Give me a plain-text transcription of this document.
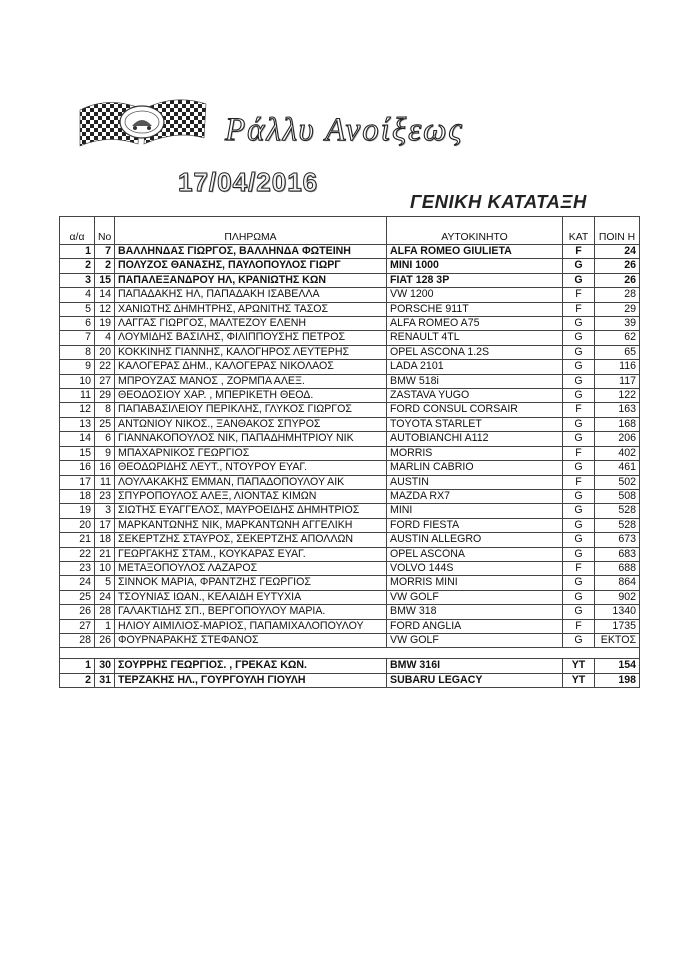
Ράλλυ Ανοίξεως
17/04/2016
ΓΕΝΙΚΗ ΚΑΤΑΤΑΞΗ
α/α	Νο	ΠΛΗΡΩΜΑ	ΑΥΤΟΚΙΝΗΤΟ	ΚΑΤ	ΠΟΙΝ Η
1	7	ΒΑΛΛΗΝΔΑΣ ΓΙΩΡΓΟΣ, ΒΑΛΛΗΝΔΑ ΦΩΤΕΙΝΗ	ALFA ROMEO GIULIETA	F	24
2	2	ΠΟΛΥΖΟΣ ΘΑΝΑΣΗΣ, ΠΑΥΛΟΠΟΥΛΟΣ ΓΙΩΡΓ	MINI 1000	G	26
3	15	ΠΑΠΑΛΕΞΑΝΔΡΟΥ ΗΛ, ΚΡΑΝΙΩΤΗΣ ΚΩΝ	FIAT 128 3P	G	26
4	14	ΠΑΠΑΔΑΚΗΣ ΗΛ, ΠΑΠΑΔΑΚΗ ΙΣΑΒΕΛΛΑ	VW 1200	F	28
5	12	ΧΑΝΙΩΤΗΣ ΔΗΜΗΤΡΗΣ, ΑΡΩΝΙΤΗΣ ΤΑΣΟΣ	PORSCHE 911T	F	29
6	19	ΛΑΓΓΑΣ ΓΙΩΡΓΟΣ, ΜΑΛΤΕΖΟΥ ΕΛΕΝΗ	ALFA ROMEO A75	G	39
7	4	ΛΟΥΜΙΔΗΣ ΒΑΣΙΛΗΣ, ΦΙΛΙΠΠΟΥΣΗΣ ΠΕΤΡΟΣ	RENAULT 4TL	G	62
8	20	ΚΟΚΚΙΝΗΣ ΓΙΑΝΝΗΣ, ΚΑΛΟΓΗΡΟΣ ΛΕΥΤΕΡΗΣ	OPEL ASCONA 1.2S	G	65
9	22	ΚΑΛΟΓΕΡΑΣ ΔΗΜ., ΚΑΛΟΓΕΡΑΣ ΝΙΚΟΛΑΟΣ	LADA 2101	G	116
10	27	ΜΠΡΟΥΖΑΣ ΜΑΝΟΣ , ΖΟΡΜΠΑ ΑΛΕΞ.	BMW 518i	G	117
11	29	ΘΕΟΔΟΣΙΟΥ ΧΑΡ. , ΜΠΕΡΙΚΕΤΗ ΘΕΟΔ.	ZASTAVA YUGO	G	122
12	8	ΠΑΠΑΒΑΣΙΛΕΙΟΥ ΠΕΡΙΚΛΗΣ, ΓΛΥΚΟΣ ΓΙΩΡΓΟΣ	FORD CONSUL CORSAIR	F	163
13	25	ΑΝΤΩΝΙΟΥ ΝΙΚΟΣ., ΞΑΝΘΑΚΟΣ ΣΠΥΡΟΣ	TOYOTA STARLET	G	168
14	6	ΓΙΑΝΝΑΚΟΠΟΥΛΟΣ ΝΙΚ, ΠΑΠΑΔΗΜΗΤΡΙΟΥ ΝΙΚ	AUTOBIANCHI A112	G	206
15	9	ΜΠΑΧΑΡΝΙΚΟΣ ΓΕΩΡΓΙΟΣ	MORRIS	F	402
16	16	ΘΕΟΔΩΡΙΔΗΣ ΛΕΥΤ., ΝΤΟΥΡΟΥ ΕΥΑΓ.	MARLIN CABRIO	G	461
17	11	ΛΟΥΛΑΚΑΚΗΣ ΕΜΜΑΝ, ΠΑΠΑΔΟΠΟΥΛΟΥ ΑΙΚ	AUSTIN	F	502
18	23	ΣΠΥΡΟΠΟΥΛΟΣ ΑΛΕΞ, ΛΙΟΝΤΑΣ ΚΙΜΩΝ	MAZDA RX7	G	508
19	3	ΣΙΩΤΗΣ ΕΥΑΓΓΕΛΟΣ, ΜΑΥΡΟΕΙΔΗΣ ΔΗΜΗΤΡΙΟΣ	MINI	G	528
20	17	ΜΑΡΚΑΝΤΩΝΗΣ ΝΙΚ, ΜΑΡΚΑΝΤΩΝΗ ΑΓΓΕΛΙΚΗ	FORD FIESTA	G	528
21	18	ΣΕΚΕΡΤΖΗΣ ΣΤΑΥΡΟΣ, ΣΕΚΕΡΤΖΗΣ ΑΠΟΛΛΩΝ	AUSTIN ALLEGRO	G	673
22	21	ΓΕΩΡΓΑΚΗΣ ΣΤΑΜ., ΚΟΥΚΑΡΑΣ ΕΥΑΓ.	OPEL ASCONA	G	683
23	10	ΜΕΤΑΞΟΠΟΥΛΟΣ ΛΑΖΑΡΟΣ	VOLVO 144S	F	688
24	5	ΣΙΝΝΟΚ ΜΑΡΙΑ, ΦΡΑΝΤΖΗΣ ΓΕΩΡΓΙΟΣ	MORRIS MINI	G	864
25	24	ΤΣΟΥΝΙΑΣ ΙΩΑΝ., ΚΕΛΑΙΔΗ ΕΥΤΥΧΙΑ	VW GOLF	G	902
26	28	ΓΑΛΑΚΤΙΔΗΣ ΣΠ., ΒΕΡΓΟΠΟΥΛΟΥ ΜΑΡΙΑ.	BMW 318	G	1340
27	1	ΗΛΙΟΥ ΑΙΜΙΛΙΟΣ-ΜΑΡΙΟΣ, ΠΑΠΑΜΙΧΑΛΟΠΟΥΛΟΥ	FORD ANGLIA	F	1735
28	26	ΦΟΥΡΝΑΡΑΚΗΣ ΣΤΕΦΑΝΟΣ	VW GOLF	G	ΕΚΤΟΣ

1	30	ΣΟΥΡΡΗΣ ΓΕΩΡΓΙΟΣ. , ΓΡΕΚΑΣ ΚΩΝ.	BMW 316I	YT	154
2	31	ΤΕΡΖΑΚΗΣ ΗΛ., ΓΟΥΡΓΟΥΛΗ ΓΙΟΥΛΗ	SUBARU LEGACY	YT	198
